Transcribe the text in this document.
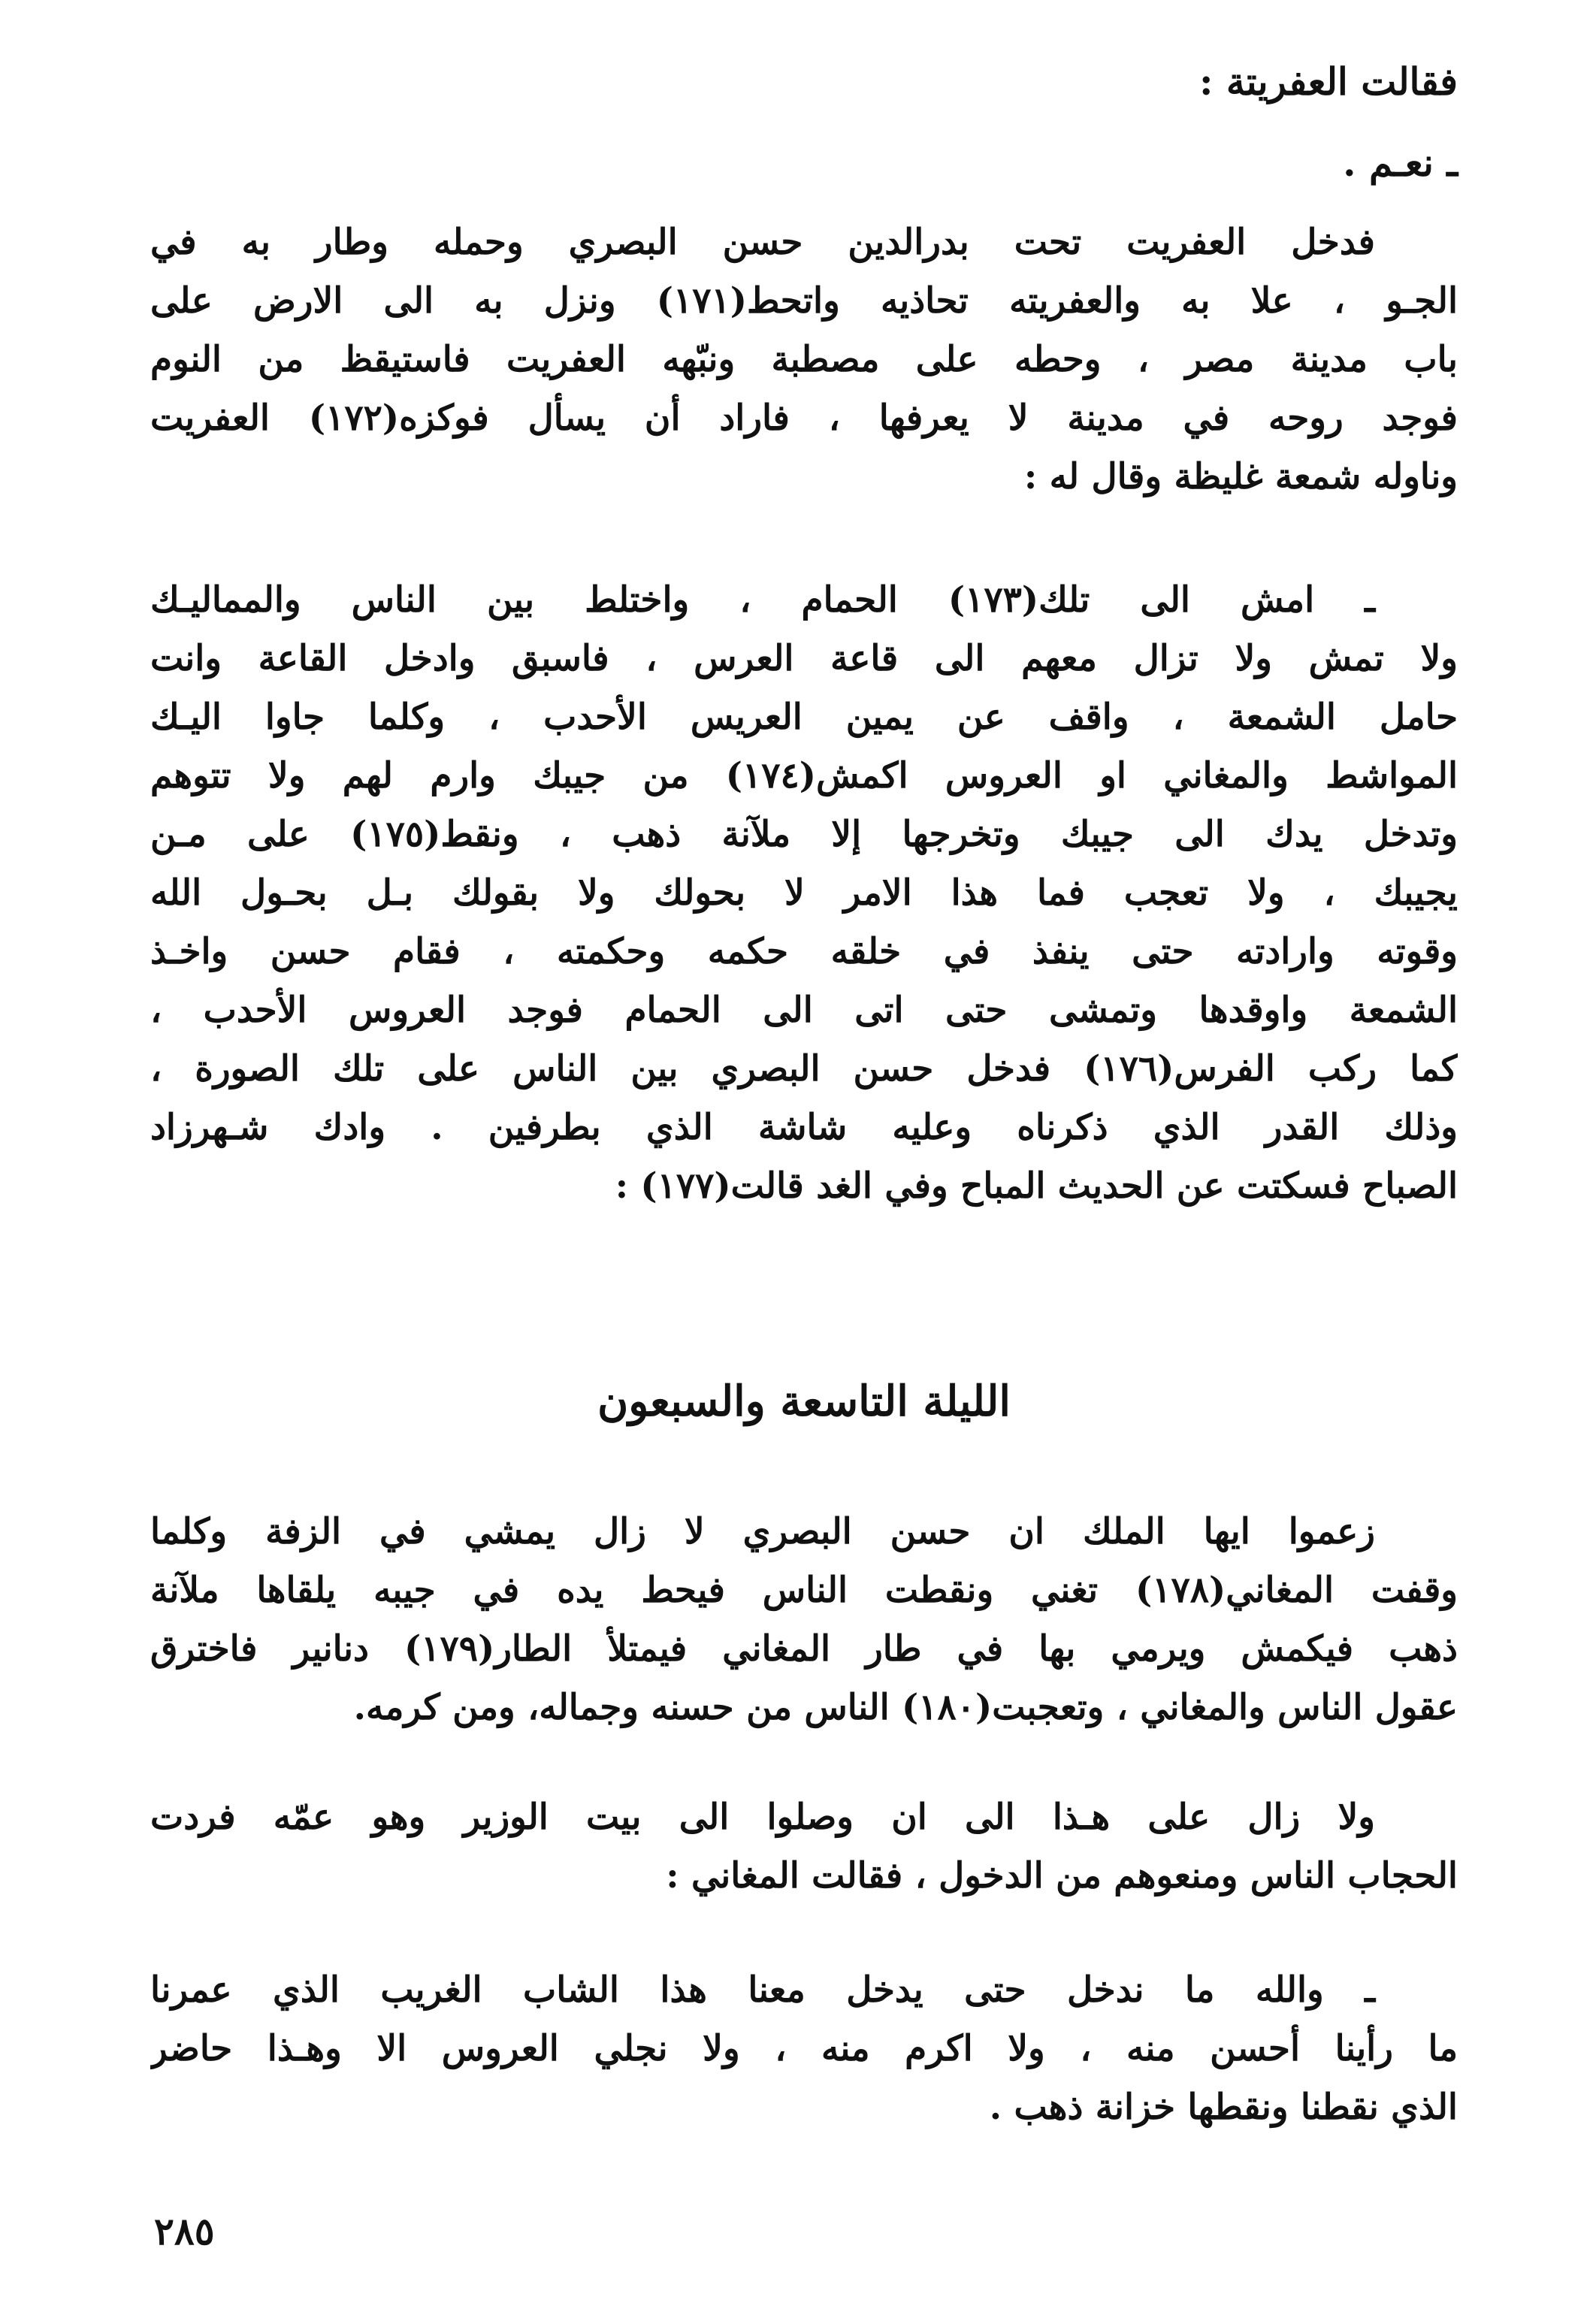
فقالت العفريتة :
ـ نعـم .
فدخل العفريت تحت بدرالدين حسن البصري وحمله وطار به في
الجـو ، علا به والعفريته تحاذيه واتحط(١٧١) ونزل به الى الارض على
باب مدينة مصر ، وحطه على مصطبة ونبّهه العفريت فاستيقظ من النوم
فوجد روحه في مدينة لا يعرفها ، فاراد أن يسأل فوكزه(١٧٢) العفريت
وناوله شمعة غليظة وقال له :
ـ امش الى تلك(١٧٣) الحمام ، واختلط بين الناس والمماليـك
ولا تمش ولا تزال معهم الى قاعة العرس ، فاسبق وادخل القاعة وانت
حامل الشمعة ، واقف عن يمين العريس الأحدب ، وكلما جاوا اليـك
المواشط والمغاني او العروس اكمش(١٧٤) من جيبك وارم لهم ولا تتوهم
وتدخل يدك الى جيبك وتخرجها إلا ملآنة ذهب ، ونقط(١٧٥) على مـن
يجيبك ، ولا تعجب فما هذا الامر لا بحولك ولا بقولك بـل بحـول الله
وقوته وارادته حتى ينفذ في خلقه حكمه وحكمته ، فقام حسن واخـذ
الشمعة واوقدها وتمشى حتى اتى الى الحمام فوجد العروس الأحدب ،
كما ركب الفرس(١٧٦) فدخل حسن البصري بين الناس على تلك الصورة ،
وذلك القدر الذي ذكرناه وعليه شاشة الذي بطرفين . وادك شـهرزاد
الصباح فسكتت عن الحديث المباح وفي الغد قالت(١٧٧) :
الليلة التاسعة والسبعون
زعموا ايها الملك ان حسن البصري لا زال يمشي في الزفة وكلما
وقفت المغاني(١٧٨) تغني ونقطت الناس فيحط يده في جيبه يلقاها ملآنة
ذهب فيكمش ويرمي بها في طار المغاني فيمتلأ الطار(١٧٩) دنانير فاخترق
عقول الناس والمغاني ، وتعجبت(١٨٠) الناس من حسنه وجماله، ومن كرمه.
ولا زال على هـذا الى ان وصلوا الى بيت الوزير وهو عمّه فردت
الحجاب الناس ومنعوهم من الدخول ، فقالت المغاني :
ـ والله ما ندخل حتى يدخل معنا هذا الشاب الغريب الذي عمرنا
ما رأينا أحسن منه ، ولا اكرم منه ، ولا نجلي العروس الا وهـذا حاضر
الذي نقطنا ونقطها خزانة ذهب .
٢٨٥
